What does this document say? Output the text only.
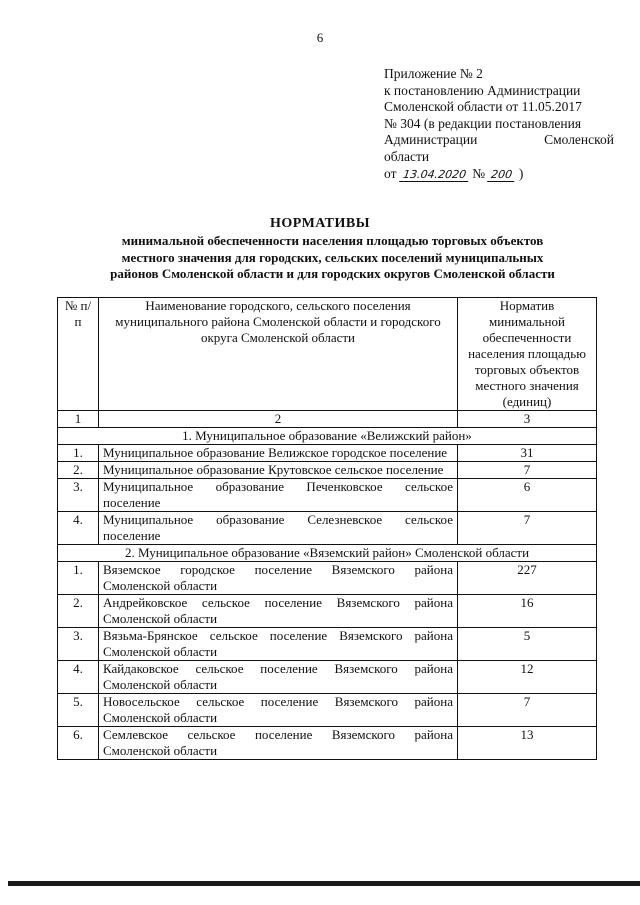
6
Приложение № 2
к постановлению Администрации
Смоленской области от 11.05.2017
№ 304 (в редакции постановления
Администрации	Смоленской
области
от 13.04.2020 № 200 )
НОРМАТИВЫ
минимальной обеспеченности населения площадью торговых объектов
местного значения для городских, сельских поселений муниципальных
районов Смоленской области и для городских округов Смоленской области
№ п/п	Наименование городского, сельского поселения муниципального района Смоленской области и городского округа Смоленской области	Норматив минимальной обеспеченности населения площадью торговых объектов местного значения (единиц)
1	2	3
1. Муниципальное образование «Велижский район»		
1.	Муниципальное образование Велижское городское поселение	31
2.	Муниципальное образование Крутовское сельское поселение	7
3.	Муниципальное образование Печенковское сельское поселение	6
4.	Муниципальное образование Селезневское сельское поселение	7
2. Муниципальное образование «Вяземский район» Смоленской области		
1.	Вяземское городское поселение Вяземского района Смоленской области	227
2.	Андрейковское сельское поселение Вяземского района Смоленской области	16
3.	Вязьма-Брянское сельское поселение Вяземского района Смоленской области	5
4.	Кайдаковское сельское поселение Вяземского района Смоленской области	12
5.	Новосельское сельское поселение Вяземского района Смоленской области	7
6.	Семлевское сельское поселение Вяземского района Смоленской области	13
